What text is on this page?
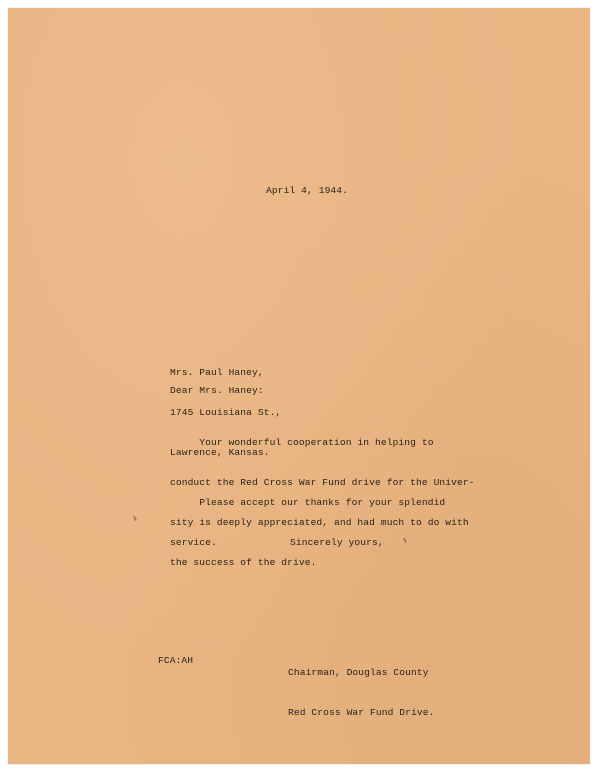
April 4, 1944.

Mrs. Paul Haney,

1745 Louisiana St.,

Lawrence, Kansas.

Dear Mrs. Haney:

Your wonderful cooperation in helping to

conduct the Red Cross War Fund drive for the Univer-

sity is deeply appreciated, and had much to do with

the success of the drive.

Please accept our thanks for your splendid

service.

	Sincerely yours,

Chairman, Douglas County

Red Cross War Fund Drive.

FCA:AH
